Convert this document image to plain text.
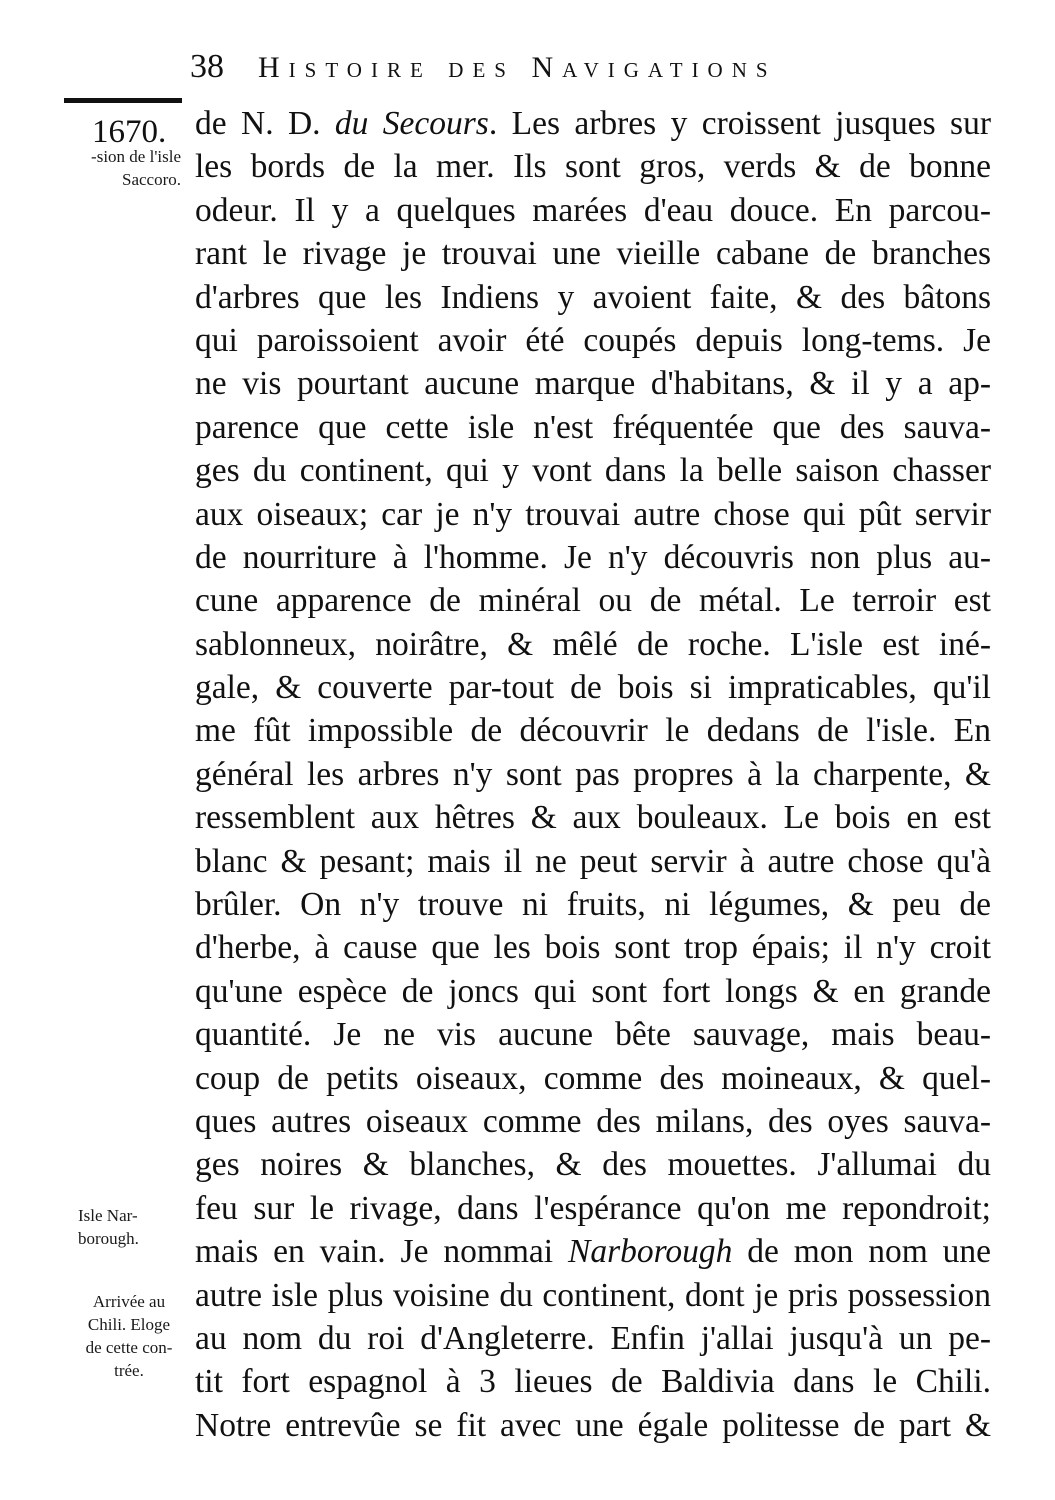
38 Histoire des Navigations
1670.
-sion de l'isle
Saccoro.
Isle Nar-
borough.
Arrivée au
Chili. Eloge
de cette con-
trée.
de N. D. du Secours. Les arbres y croissent jusques sur
les bords de la mer. Ils sont gros, verds & de bonne
odeur. Il y a quelques marées d'eau douce. En parcou-
rant le rivage je trouvai une vieille cabane de branches
d'arbres que les Indiens y avoient faite, & des bâtons
qui paroissoient avoir été coupés depuis long-tems. Je
ne vis pourtant aucune marque d'habitans, & il y a ap-
parence que cette isle n'est fréquentée que des sauva-
ges du continent, qui y vont dans la belle saison chasser
aux oiseaux; car je n'y trouvai autre chose qui pût servir
de nourriture à l'homme. Je n'y découvris non plus au-
cune apparence de minéral ou de métal. Le terroir est
sablonneux, noirâtre, & mêlé de roche. L'isle est iné-
gale, & couverte par-tout de bois si impraticables, qu'il
me fût impossible de découvrir le dedans de l'isle. En
général les arbres n'y sont pas propres à la charpente, &
ressemblent aux hêtres & aux bouleaux. Le bois en est
blanc & pesant; mais il ne peut servir à autre chose qu'à
brûler. On n'y trouve ni fruits, ni légumes, & peu de
d'herbe, à cause que les bois sont trop épais; il n'y croit
qu'une espèce de joncs qui sont fort longs & en grande
quantité. Je ne vis aucune bête sauvage, mais beau-
coup de petits oiseaux, comme des moineaux, & quel-
ques autres oiseaux comme des milans, des oyes sauva-
ges noires & blanches, & des mouettes. J'allumai du
feu sur le rivage, dans l'espérance qu'on me repondroit;
mais en vain. Je nommai Narborough de mon nom une
autre isle plus voisine du continent, dont je pris possession
au nom du roi d'Angleterre. Enfin j'allai jusqu'à un pe-
tit fort espagnol à 3 lieues de Baldivia dans le Chili.
Notre entrevûe se fit avec une égale politesse de part &
